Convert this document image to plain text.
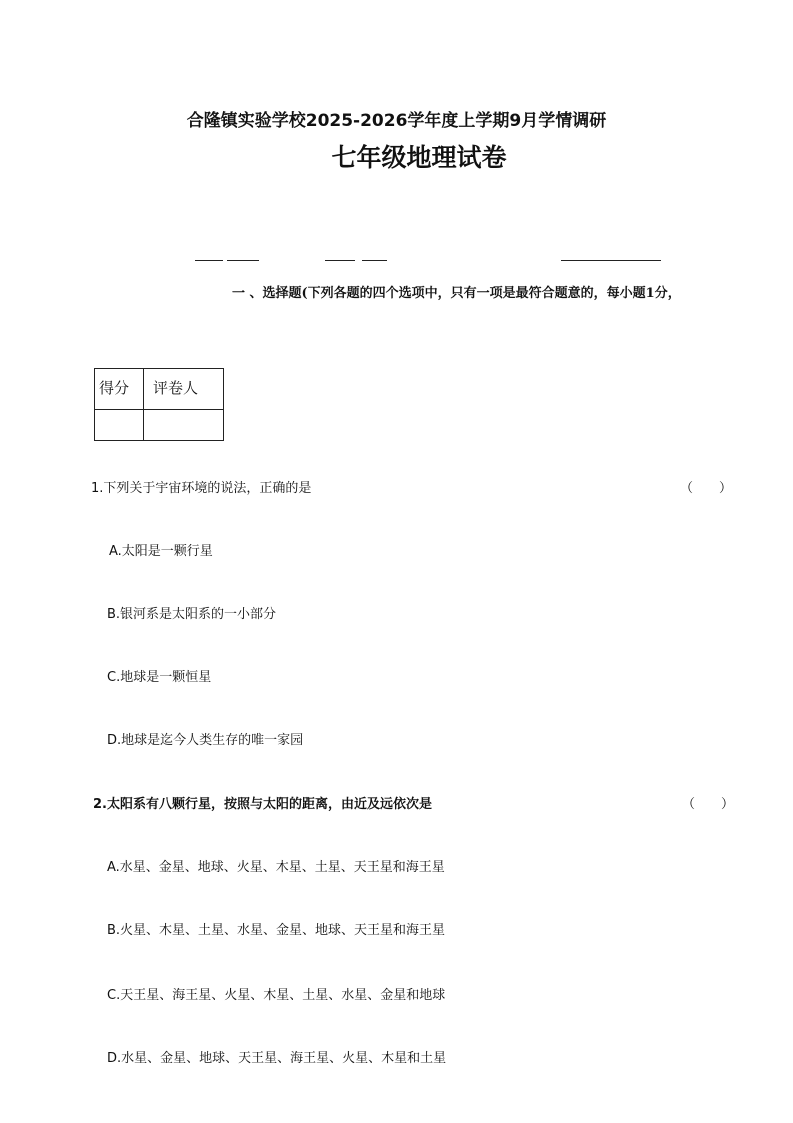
合隆镇实验学校2025-2026学年度上学期9月学情调研
七年级地理试卷
一 、选择题(下列各题的四个选项中，只有一项是最符合题意的，每小题1分，
得分	评卷人

1.下列关于宇宙环境的说法，正确的是	（　　）
A.太阳是一颗行星
B.银河系是太阳系的一小部分
C.地球是一颗恒星
D.地球是迄今人类生存的唯一家园
2.太阳系有八颗行星，按照与太阳的距离，由近及远依次是	（　　）
A.水星、金星、地球、火星、木星、土星、天王星和海王星
B.火星、木星、土星、水星、金星、地球、天王星和海王星
C.天王星、海王星、火星、木星、土星、水星、金星和地球
D.水星、金星、地球、天王星、海王星、火星、木星和土星
